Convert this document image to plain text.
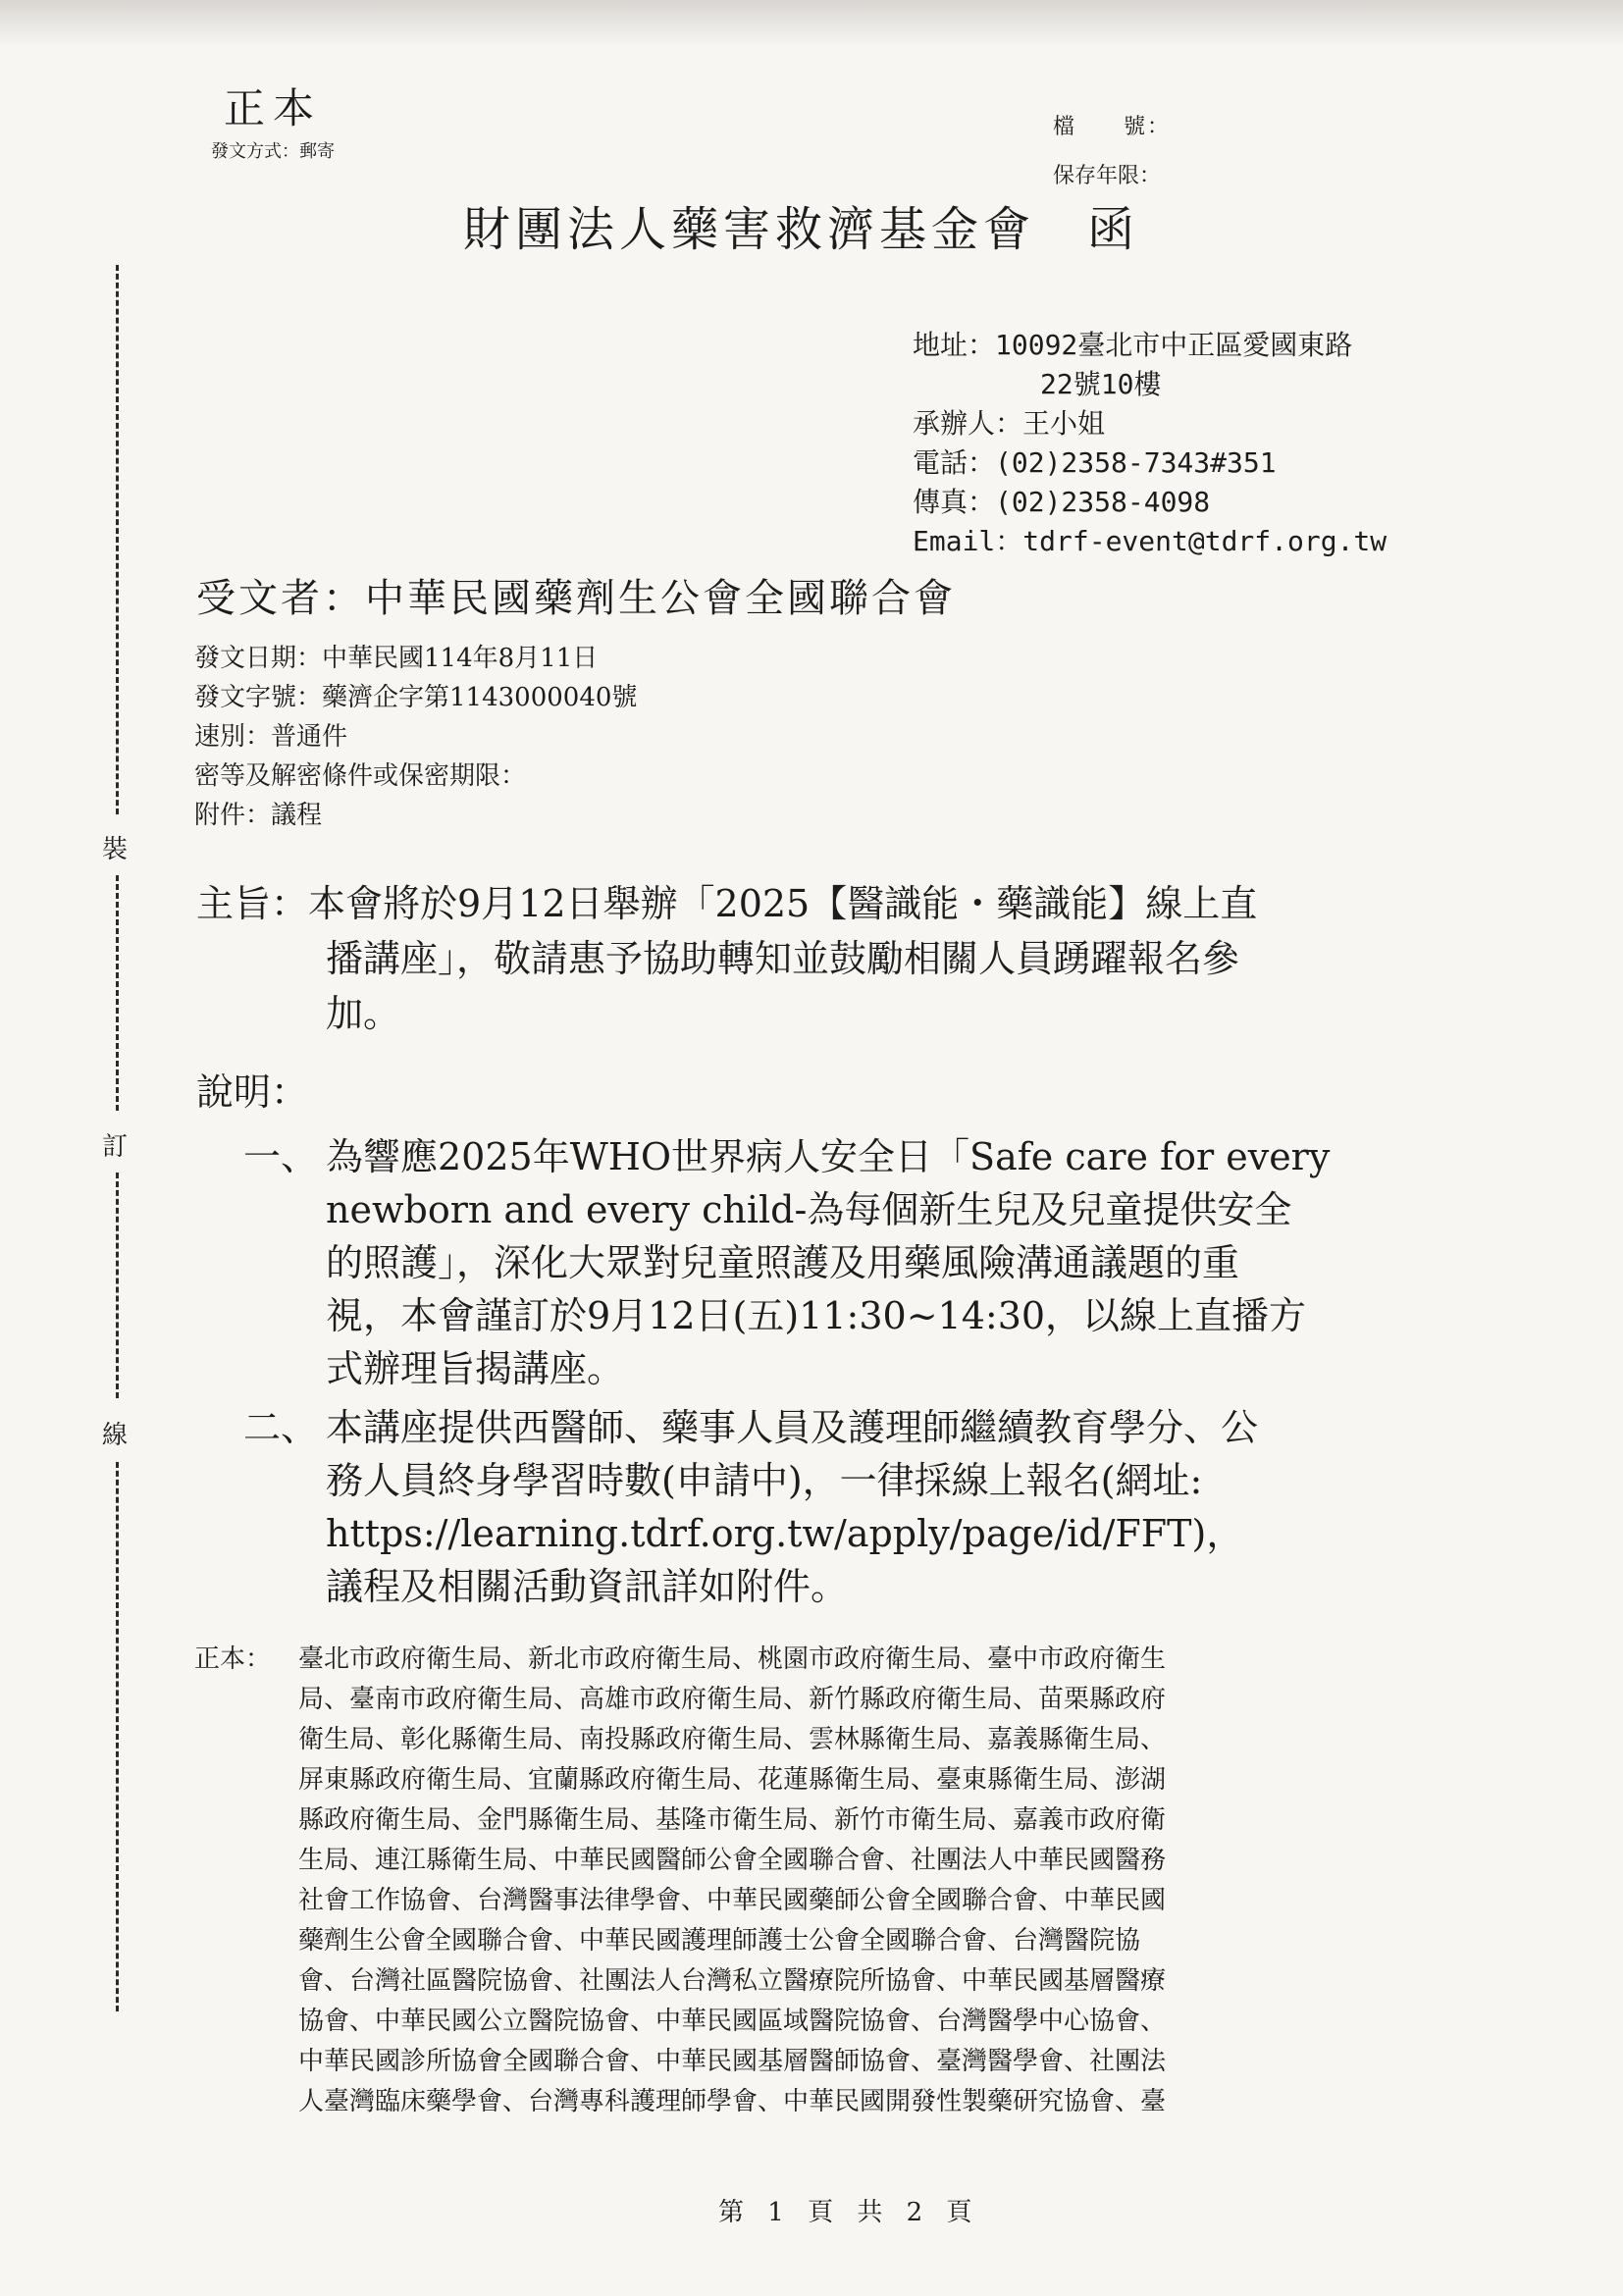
裝
訂
線
正本
發文方式：郵寄
檔　　號：
保存年限：
財團法人藥害救濟基金會　函
地址：10092臺北市中正區愛國東路
22號10樓
承辦人：王小姐
電話：(02)2358-7343#351
傳真：(02)2358-4098
Email：tdrf-event@tdrf.org.tw
受文者：中華民國藥劑生公會全國聯合會
發文日期：中華民國114年8月11日
發文字號：藥濟企字第1143000040號
速別：普通件
密等及解密條件或保密期限：
附件：議程
主旨：本會將於9月12日舉辦「2025【醫識能・藥識能】線上直
播講座」，敬請惠予協助轉知並鼓勵相關人員踴躍報名參
加。
說明：
一、 為響應2025年WHO世界病人安全日「Safe care for every
newborn and every child-為每個新生兒及兒童提供安全
的照護」，深化大眾對兒童照護及用藥風險溝通議題的重
視，本會謹訂於9月12日(五)11:30~14:30，以線上直播方
式辦理旨揭講座。
二、 本講座提供西醫師、藥事人員及護理師繼續教育學分、公
務人員終身學習時數(申請中)，一律採線上報名(網址:
https://learning.tdrf.org.tw/apply/page/id/FFT)，
議程及相關活動資訊詳如附件。
正本： 臺北市政府衛生局、新北市政府衛生局、桃園市政府衛生局、臺中市政府衛生
局、臺南市政府衛生局、高雄市政府衛生局、新竹縣政府衛生局、苗栗縣政府
衛生局、彰化縣衛生局、南投縣政府衛生局、雲林縣衛生局、嘉義縣衛生局、
屏東縣政府衛生局、宜蘭縣政府衛生局、花蓮縣衛生局、臺東縣衛生局、澎湖
縣政府衛生局、金門縣衛生局、基隆市衛生局、新竹市衛生局、嘉義市政府衛
生局、連江縣衛生局、中華民國醫師公會全國聯合會、社團法人中華民國醫務
社會工作協會、台灣醫事法律學會、中華民國藥師公會全國聯合會、中華民國
藥劑生公會全國聯合會、中華民國護理師護士公會全國聯合會、台灣醫院協
會、台灣社區醫院協會、社團法人台灣私立醫療院所協會、中華民國基層醫療
協會、中華民國公立醫院協會、中華民國區域醫院協會、台灣醫學中心協會、
中華民國診所協會全國聯合會、中華民國基層醫師協會、臺灣醫學會、社團法
人臺灣臨床藥學會、台灣專科護理師學會、中華民國開發性製藥研究協會、臺
第 1 頁 共 2 頁
